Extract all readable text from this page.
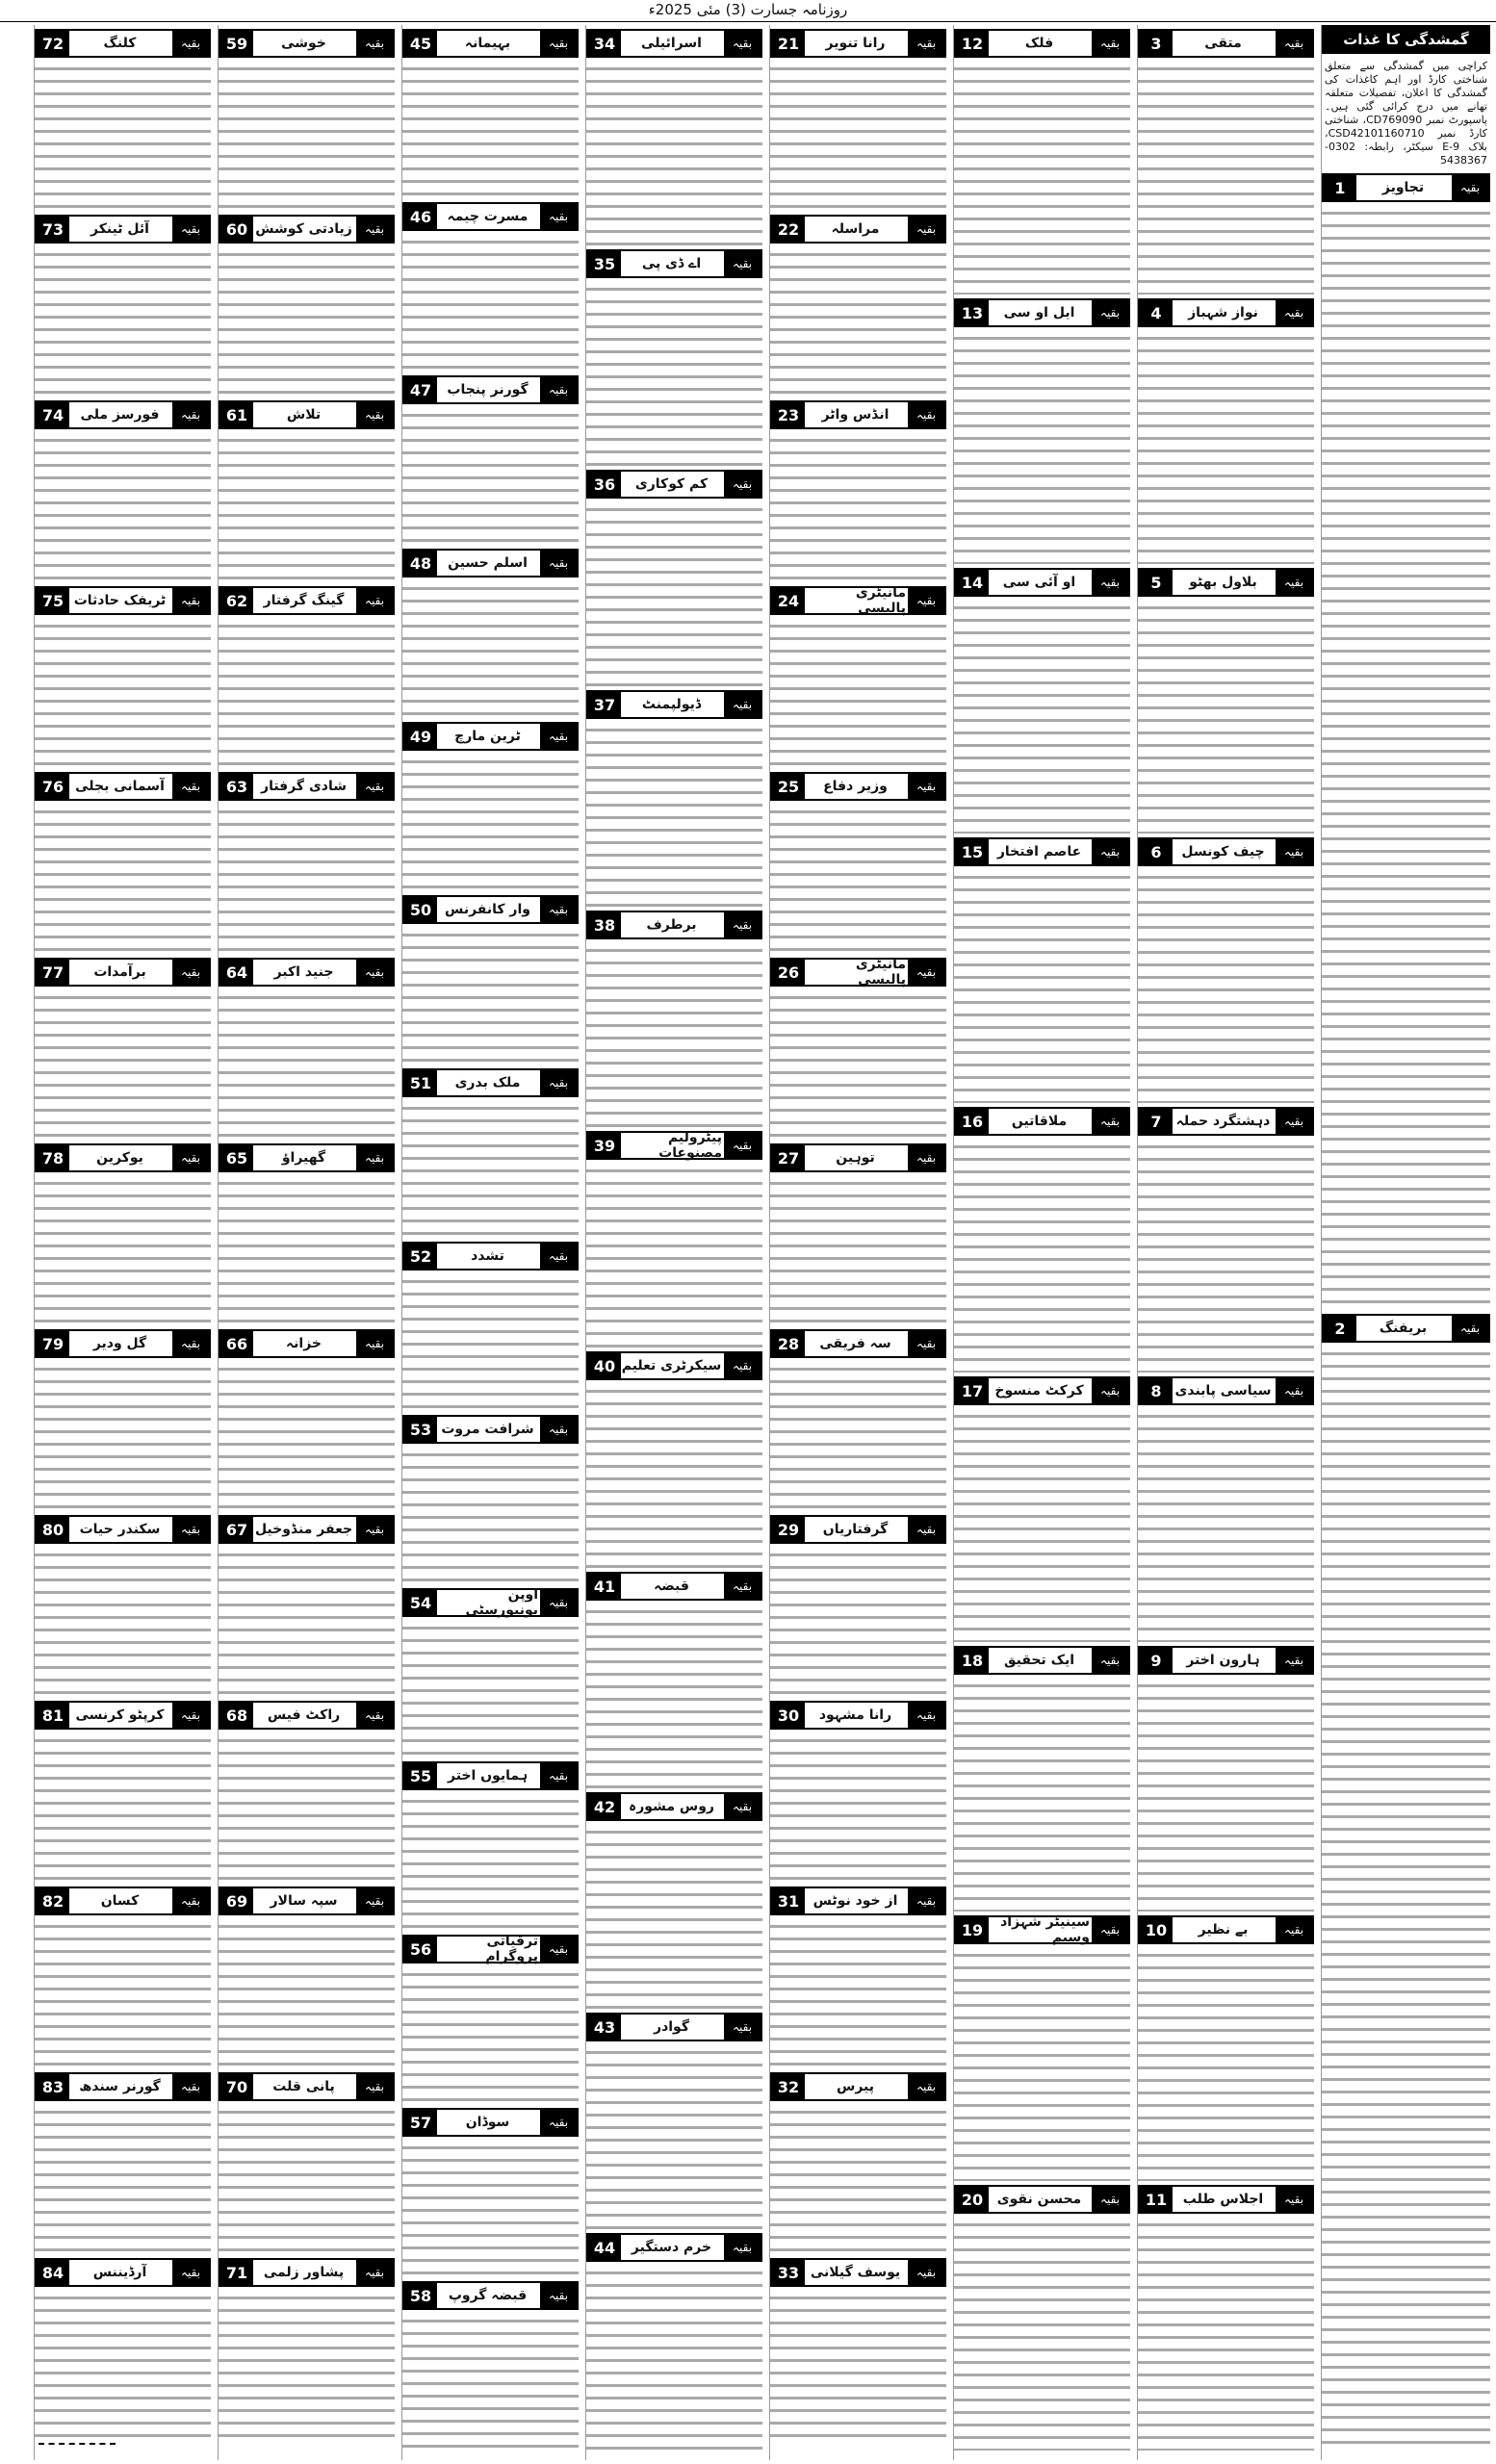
روزنامہ جسارت (3) مئی 2025ء
گمشدگی کا غذات
کراچی میں گمشدگی سے متعلق شناختی کارڈ اور اہم کاغذات کی گمشدگی کا اعلان، تفصیلات متعلقہ تھانے میں درج کرائی گئی ہیں۔ پاسپورٹ نمبر CD769090، شناختی کارڈ نمبر CSD42101160710، بلاک 9-E سیکٹر، رابطہ: 0302-5438367
1	تجاویز	بقیہ
2	بریفنگ	بقیہ
3	متقی	بقیہ
4	نواز شہباز	بقیہ
5	بلاول بھٹو	بقیہ
6	چیف کونسل	بقیہ
7	دہشتگرد حملہ	بقیہ
8 سیاسی پابندی	بقیہ
9	ہارون اختر	بقیہ
10	بے نظیر	بقیہ
11	اجلاس طلب	بقیہ
12	فلک	بقیہ
13	ایل او سی	بقیہ
14	او آئی سی	بقیہ
15	عاصم افتخار	بقیہ
16	ملاقاتیں	بقیہ
17 کرکٹ منسوخ	بقیہ
18	ایک تحقیق	بقیہ
19	سینیٹر شہزاد وسیم بقیہ
20	محسن نقوی	بقیہ
21	رانا تنویر	بقیہ
22	مراسلہ	بقیہ
23	انڈس واٹر	بقیہ
24	مانیٹری پالیسی بقیہ
25	وزیر دفاع	بقیہ
26	مانیٹری پالیسی بقیہ
27	توہین	بقیہ
28	سہ فریقی	بقیہ
29	گرفتاریاں	بقیہ
30	رانا مشہود	بقیہ
31	از خود نوٹس	بقیہ
32	پیرس	بقیہ
33 یوسف گیلانی	بقیہ
34	اسرائیلی	بقیہ
35	اے ڈی پی	بقیہ
36	کم کوکاری	بقیہ
37	ڈیولپمنٹ	بقیہ
38	برطرف	بقیہ
39	پیٹرولیم مصنوعات بقیہ
40 سیکرٹری تعلیم بقیہ
41	قبضہ	بقیہ
42 روس مشورہ	بقیہ
43	گوادر	بقیہ
44	خرم دستگیر	بقیہ
45	بہیمانہ	بقیہ
46	مسرت چیمہ	بقیہ
47	گورنر پنجاب	بقیہ
48	اسلم حسین	بقیہ
49	ٹرین مارچ	بقیہ
50 وار کانفرنس	بقیہ
51	ملک بدری	بقیہ
52	تشدد	بقیہ
53 شرافت مروت	بقیہ
54	اوپن یونیورسٹی بقیہ
55	ہمایوں اختر	بقیہ
56	ترقیاتی پروگرام بقیہ
57	سوڈان	بقیہ
58	قبضہ گروپ	بقیہ
59	خوشی	بقیہ
60 زیادتی کوشش	بقیہ
61	تلاش	بقیہ
62	گینگ گرفتار	بقیہ
63 شادی گرفتار	بقیہ
64	جنید اکبر	بقیہ
65	گھیراؤ	بقیہ
66	خزانہ	بقیہ
67 جعفر منڈوخیل	بقیہ
68	راکٹ فیس	بقیہ
69	سپہ سالار	بقیہ
70	پانی قلت	بقیہ
71	پشاور زلمی	بقیہ
72	کلنگ	بقیہ
73	آئل ٹینکر	بقیہ
74	فورسز ملی	بقیہ
75 ٹریفک حادثات	بقیہ
76 آسمانی بجلی	بقیہ
77	برآمدات	بقیہ
78	یوکرین	بقیہ
79	گل ودیر	بقیہ
80	سکندر حیات	بقیہ
81 کرپٹو کرنسی	بقیہ
82	کسان	بقیہ
83	گورنر سندھ	بقیہ
84	آرڈیننس	بقیہ
